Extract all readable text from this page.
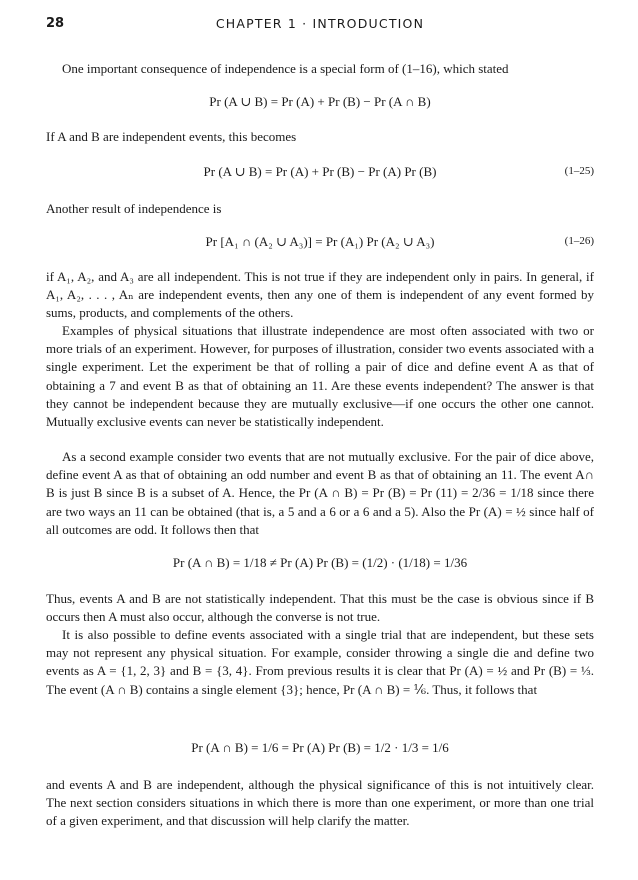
28	CHAPTER 1 · INTRODUCTION

One important consequence of independence is a special form of (1–16), which stated

Pr (A ∪ B) = Pr (A) + Pr (B) − Pr (A ∩ B)

If A and B are independent events, this becomes

Pr (A ∪ B) = Pr (A) + Pr (B) − Pr (A) Pr (B)	(1–25)

Another result of independence is

Pr [A₁ ∩ (A₂ ∪ A₃)] = Pr (A₁) Pr (A₂ ∪ A₃)	(1–26)

if A₁, A₂, and A₃ are all independent. This is not true if they are independent only in pairs. In general, if A₁, A₂, . . . , Aₙ are independent events, then any one of them is independent of any event formed by sums, products, and complements of the others.

Examples of physical situations that illustrate independence are most often associated with two or more trials of an experiment. However, for purposes of illustration, consider two events associated with a single experiment. Let the experiment be that of rolling a pair of dice and define event A as that of obtaining a 7 and event B as that of obtaining an 11. Are these events independent? The answer is that they cannot be independent because they are mutually exclusive—if one occurs the other one cannot. Mutually exclusive events can never be statistically independent.

As a second example consider two events that are not mutually exclusive. For the pair of dice above, define event A as that of obtaining an odd number and event B as that of obtaining an 11. The event A∩ B is just B since B is a subset of A. Hence, the Pr (A ∩ B) = Pr (B) = Pr (11) = 2/36 = 1/18 since there are two ways an 11 can be obtained (that is, a 5 and a 6 or a 6 and a 5). Also the Pr (A) = ½ since half of all outcomes are odd. It follows then that

Pr (A ∩ B) = 1/18 ≠ Pr (A) Pr (B) = (1/2) · (1/18) = 1/36

Thus, events A and B are not statistically independent. That this must be the case is obvious since if B occurs then A must also occur, although the converse is not true.

It is also possible to define events associated with a single trial that are independent, but these sets may not represent any physical situation. For example, consider throwing a single die and define two events as A = {1, 2, 3} and B = {3, 4}. From previous results it is clear that Pr (A) = ½ and Pr (B) = ⅓. The event (A ∩ B) contains a single element {3}; hence, Pr (A ∩ B) = ⅙. Thus, it follows that

Pr (A ∩ B) = 1/6 = Pr (A) Pr (B) = 1/2 · 1/3 = 1/6

and events A and B are independent, although the physical significance of this is not intuitively clear. The next section considers situations in which there is more than one experiment, or more than one trial of a given experiment, and that discussion will help clarify the matter.
